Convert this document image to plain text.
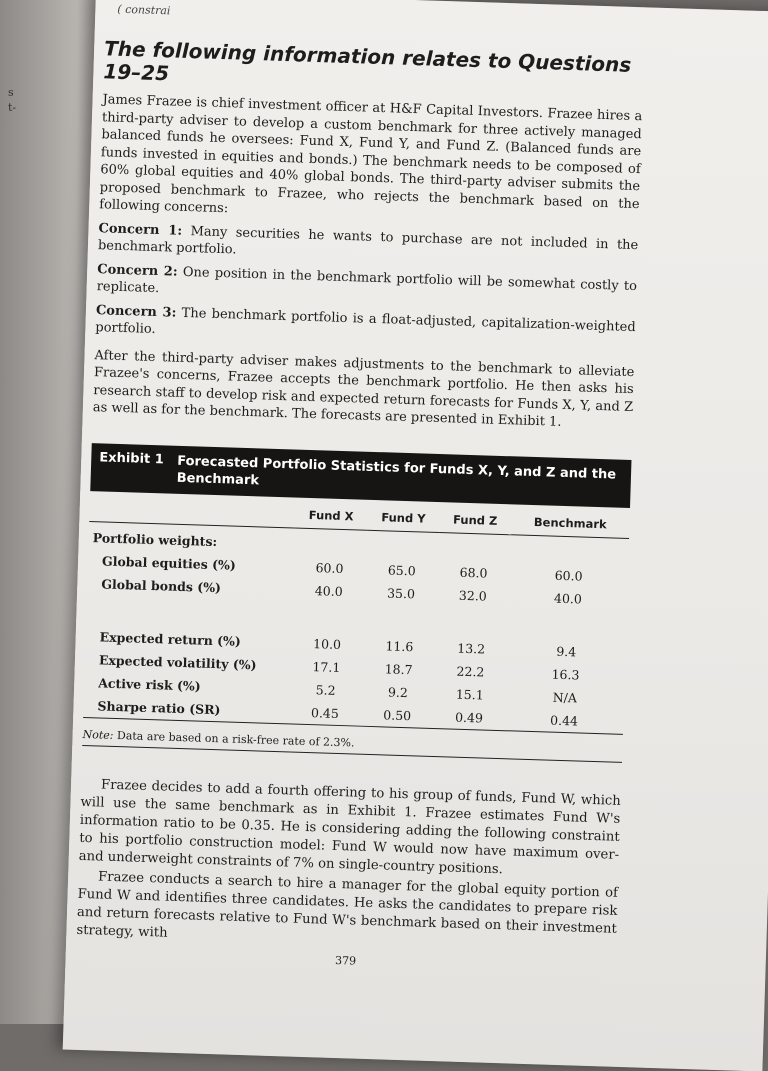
s
t-
( constrai
The following information relates to Questions 19–25

James Frazee is chief investment officer at H&F Capital Investors. Frazee hires a third-party adviser to develop a custom benchmark for three actively managed balanced funds he oversees: Fund X, Fund Y, and Fund Z. (Balanced funds are funds invested in equities and bonds.) The benchmark needs to be composed of 60% global equities and 40% global bonds. The third-party adviser submits the proposed benchmark to Frazee, who rejects the benchmark based on the following concerns:

Concern 1: Many securities he wants to purchase are not included in the benchmark portfolio.

Concern 2: One position in the benchmark portfolio will be somewhat costly to replicate.

Concern 3: The benchmark portfolio is a float-adjusted, capitalization-weighted portfolio.

After the third-party adviser makes adjustments to the benchmark to alleviate Frazee's concerns, Frazee accepts the benchmark portfolio. He then asks his research staff to develop risk and expected return forecasts for Funds X, Y, and Z as well as for the benchmark. The forecasts are presented in Exhibit 1.

Exhibit 1 Forecasted Portfolio Statistics for Funds X, Y, and Z and the Benchmark
	Fund X	Fund Y	Fund Z	Benchmark
Portfolio weights:				
Global equities (%)	60.0	65.0	68.0	60.0
Global bonds (%)	40.0	35.0	32.0	40.0

Expected return (%)	10.0	11.6	13.2	9.4
Expected volatility (%)	17.1	18.7	22.2	16.3
Active risk (%)	5.2	9.2	15.1	N/A
Sharpe ratio (SR)	0.45	0.50	0.49	0.44
Note: Data are based on a risk-free rate of 2.3%.

Frazee decides to add a fourth offering to his group of funds, Fund W, which will use the same benchmark as in Exhibit 1. Frazee estimates Fund W's information ratio to be 0.35. He is considering adding the following constraint to his portfolio construction model: Fund W would now have maximum over- and underweight constraints of 7% on single-country positions.

Frazee conducts a search to hire a manager for the global equity portion of Fund W and identifies three candidates. He asks the candidates to prepare risk and return forecasts relative to Fund W's benchmark based on their investment strategy, with

379
